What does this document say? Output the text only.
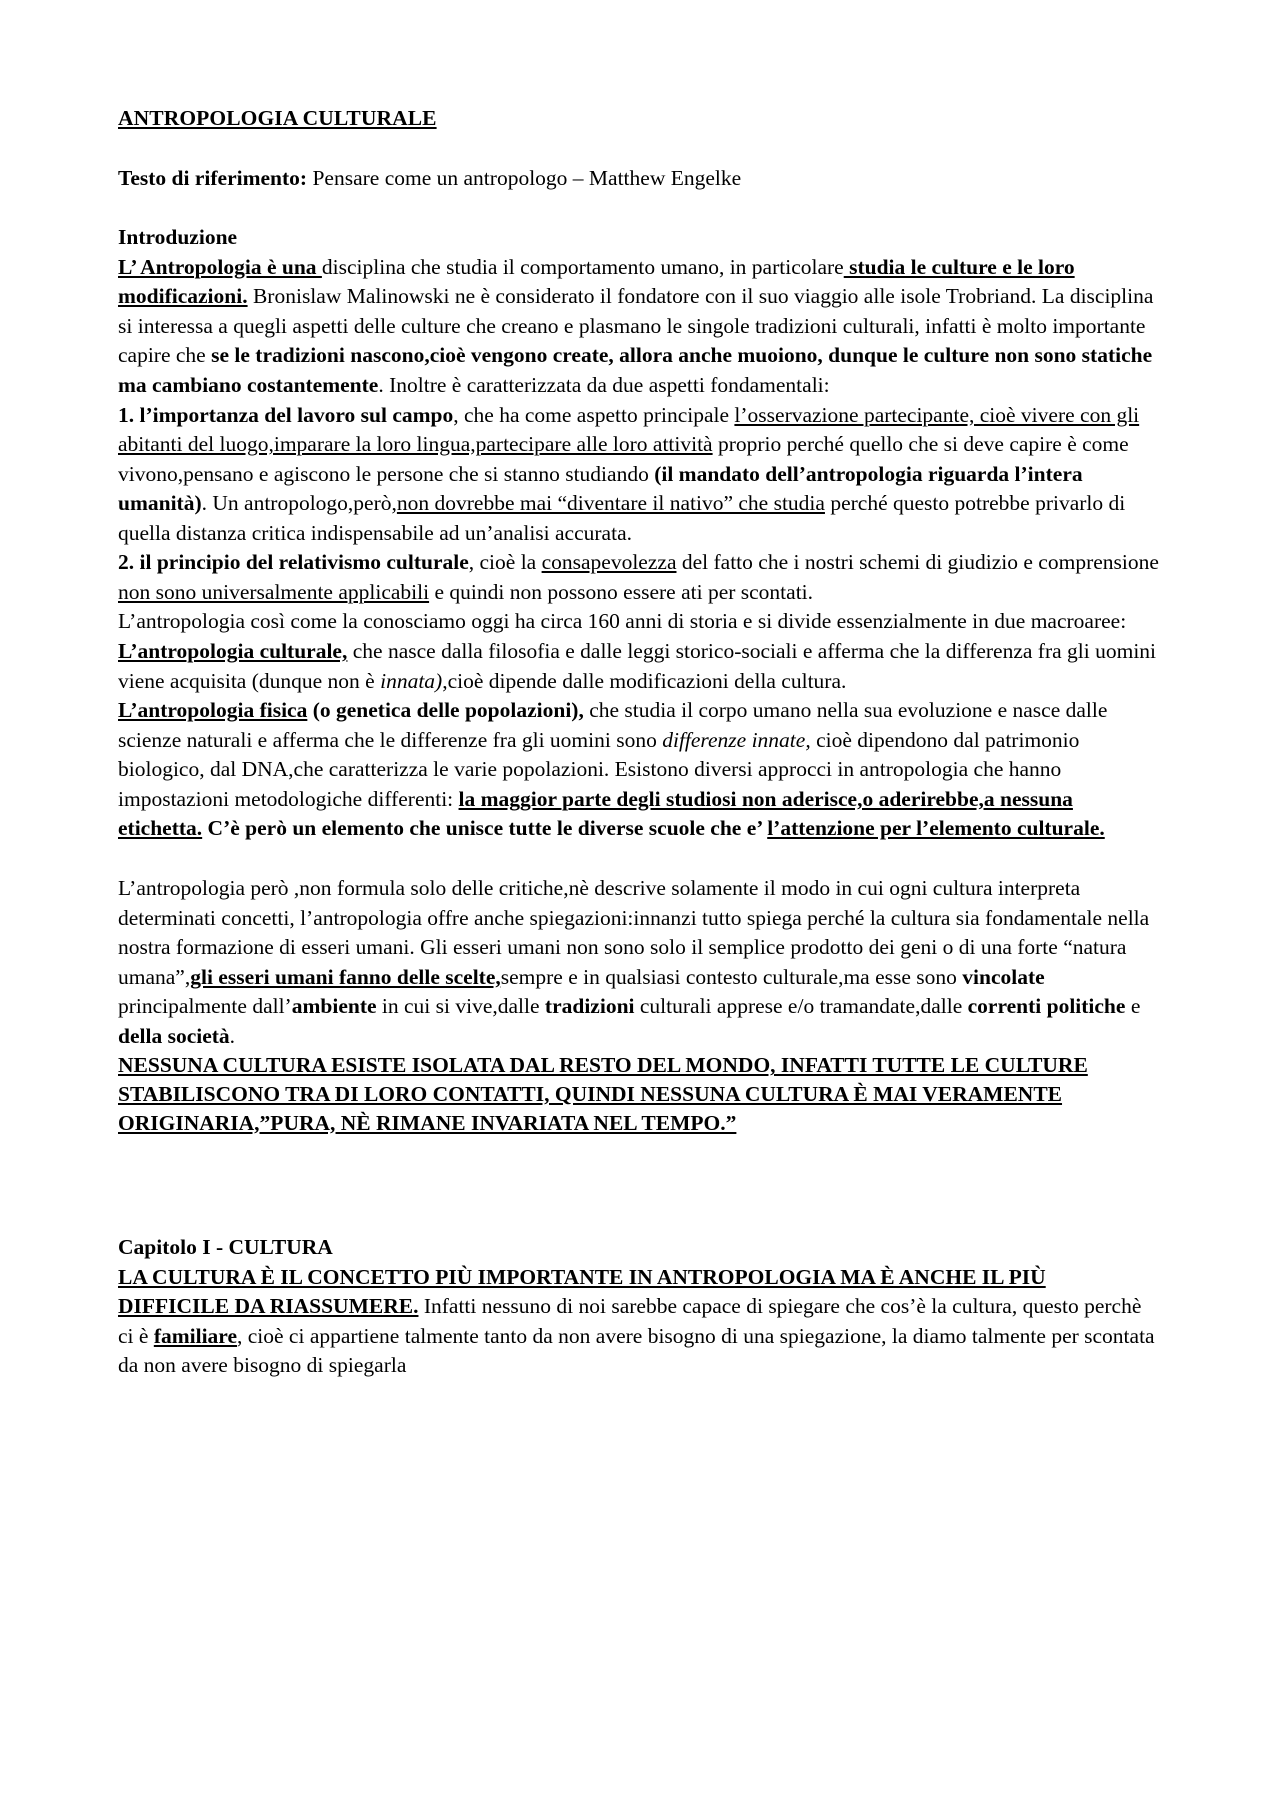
ANTROPOLOGIA CULTURALE

Testo di riferimento: Pensare come un antropologo – Matthew Engelke

Introduzione

L’ Antropologia è una disciplina che studia il comportamento umano, in particolare studia le culture e le loro modificazioni. Bronislaw Malinowski ne è considerato il fondatore con il suo viaggio alle isole Trobriand. La disciplina si interessa a quegli aspetti delle culture che creano e plasmano le singole tradizioni culturali, infatti è molto importante capire che se le tradizioni nascono,cioè vengono create, allora anche muoiono, dunque le culture non sono statiche ma cambiano costantemente. Inoltre è caratterizzata da due aspetti fondamentali:

1. l’importanza del lavoro sul campo, che ha come aspetto principale l’osservazione partecipante, cioè vivere con gli abitanti del luogo,imparare la loro lingua,partecipare alle loro attività proprio perché quello che si deve capire è come vivono,pensano e agiscono le persone che si stanno studiando (il mandato dell’antropologia riguarda l’intera umanità). Un antropologo,però,non dovrebbe mai “diventare il nativo” che studia perché questo potrebbe privarlo di quella distanza critica indispensabile ad un’analisi accurata.

2. il principio del relativismo culturale, cioè la consapevolezza del fatto che i nostri schemi di giudizio e comprensione non sono universalmente applicabili e quindi non possono essere ati per scontati.

L’antropologia così come la conosciamo oggi ha circa 160 anni di storia e si divide essenzialmente in due macroaree:

L’antropologia culturale, che nasce dalla filosofia e dalle leggi storico-sociali e afferma che la differenza fra gli uomini viene acquisita (dunque non è innata),cioè dipende dalle modificazioni della cultura.

L’antropologia fisica (o genetica delle popolazioni), che studia il corpo umano nella sua evoluzione e nasce dalle scienze naturali e afferma che le differenze fra gli uomini sono differenze innate, cioè dipendono dal patrimonio biologico, dal DNA,che caratterizza le varie popolazioni. Esistono diversi approcci in antropologia che hanno impostazioni metodologiche differenti: la maggior parte degli studiosi non aderisce,o aderirebbe,a nessuna etichetta. C’è però un elemento che unisce tutte le diverse scuole che e’ l’attenzione per l’elemento culturale.

L’antropologia però ,non formula solo delle critiche,nè descrive solamente il modo in cui ogni cultura interpreta determinati concetti, l’antropologia offre anche spiegazioni:innanzi tutto spiega perché la cultura sia fondamentale nella nostra formazione di esseri umani. Gli esseri umani non sono solo il semplice prodotto dei geni o di una forte “natura umana”,gli esseri umani fanno delle scelte,sempre e in qualsiasi contesto culturale,ma esse sono vincolate principalmente dall’ambiente in cui si vive,dalle tradizioni culturali apprese e/o tramandate,dalle correnti politiche e della società.

NESSUNA CULTURA ESISTE ISOLATA DAL RESTO DEL MONDO, INFATTI TUTTE LE CULTURE STABILISCONO TRA DI LORO CONTATTI, QUINDI NESSUNA CULTURA È MAI VERAMENTE ORIGINARIA,”PURA, NÈ RIMANE INVARIATA NEL TEMPO.”

Capitolo I - CULTURA

LA CULTURA È IL CONCETTO PIÙ IMPORTANTE IN ANTROPOLOGIA MA È ANCHE IL PIÙ DIFFICILE DA RIASSUMERE. Infatti nessuno di noi sarebbe capace di spiegare che cos’è la cultura, questo perchè ci è familiare, cioè ci appartiene talmente tanto da non avere bisogno di una spiegazione, la diamo talmente per scontata da non avere bisogno di spiegarla
